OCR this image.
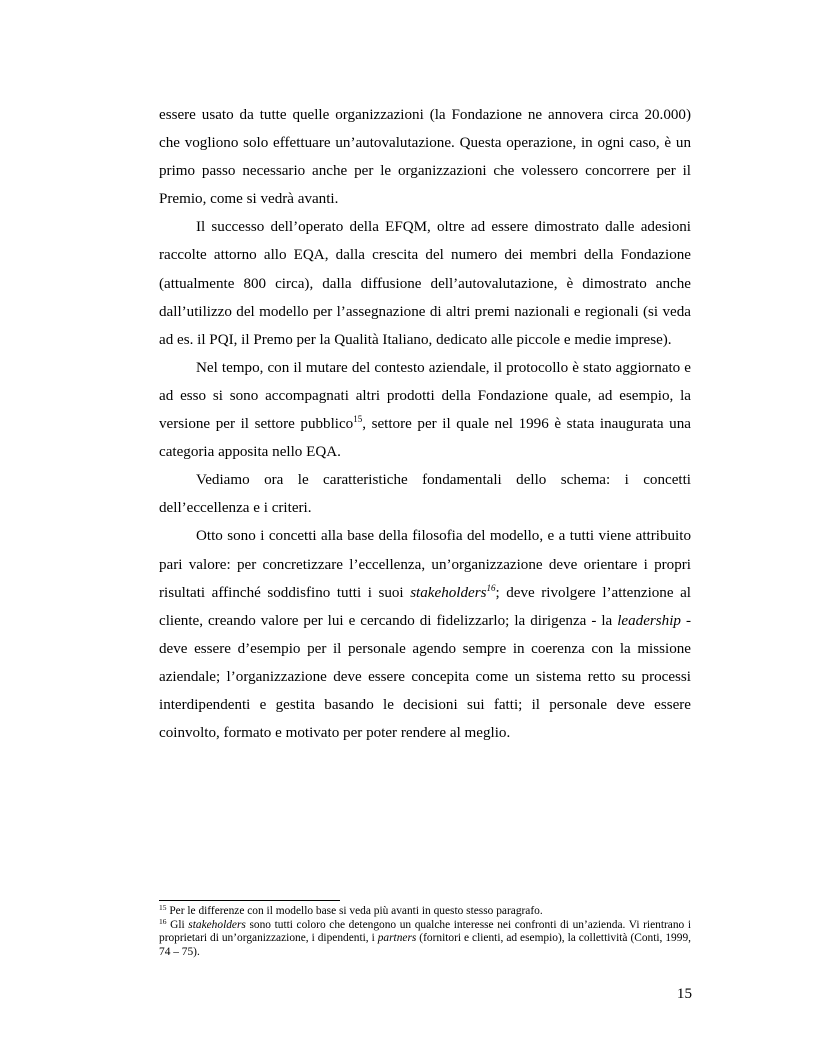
essere usato da tutte quelle organizzazioni (la Fondazione ne annovera circa 20.000) che vogliono solo effettuare un’autovalutazione. Questa operazione, in ogni caso, è un primo passo necessario anche per le organizzazioni che volessero concorrere per il Premio, come si vedrà avanti.

Il successo dell’operato della EFQM, oltre ad essere dimostrato dalle adesioni raccolte attorno allo EQA, dalla crescita del numero dei membri della Fondazione (attualmente 800 circa), dalla diffusione dell’autovalutazione, è dimostrato anche dall’utilizzo del modello per l’assegnazione di altri premi nazionali e regionali (si veda ad es. il PQI, il Premo per la Qualità Italiano, dedicato alle piccole e medie imprese).

Nel tempo, con il mutare del contesto aziendale, il protocollo è stato aggiornato e ad esso si sono accompagnati altri prodotti della Fondazione quale, ad esempio, la versione per il settore pubblico$^{15}$, settore per il quale nel 1996 è stata inaugurata una categoria apposita nello EQA.

Vediamo ora le caratteristiche fondamentali dello schema: i concetti dell’eccellenza e i criteri.

Otto sono i concetti alla base della filosofia del modello, e a tutti viene attribuito pari valore: per concretizzare l’eccellenza, un’organizzazione deve orientare i propri risultati affinché soddisfino tutti i suoi stakeholders$^{16}$; deve rivolgere l’attenzione al cliente, creando valore per lui e cercando di fidelizzarlo; la dirigenza - la leadership - deve essere d’esempio per il personale agendo sempre in coerenza con la missione aziendale; l’organizzazione deve essere concepita come un sistema retto su processi interdipendenti e gestita basando le decisioni sui fatti; il personale deve essere coinvolto, formato e motivato per poter rendere al meglio.

$^{15}$ Per le differenze con il modello base si veda più avanti in questo stesso paragrafo.

$^{16}$ Gli stakeholders sono tutti coloro che detengono un qualche interesse nei confronti di un’azienda. Vi rientrano i proprietari di un’organizzazione, i dipendenti, i partners (fornitori e clienti, ad esempio), la collettività (Conti, 1999, 74 – 75).

15
